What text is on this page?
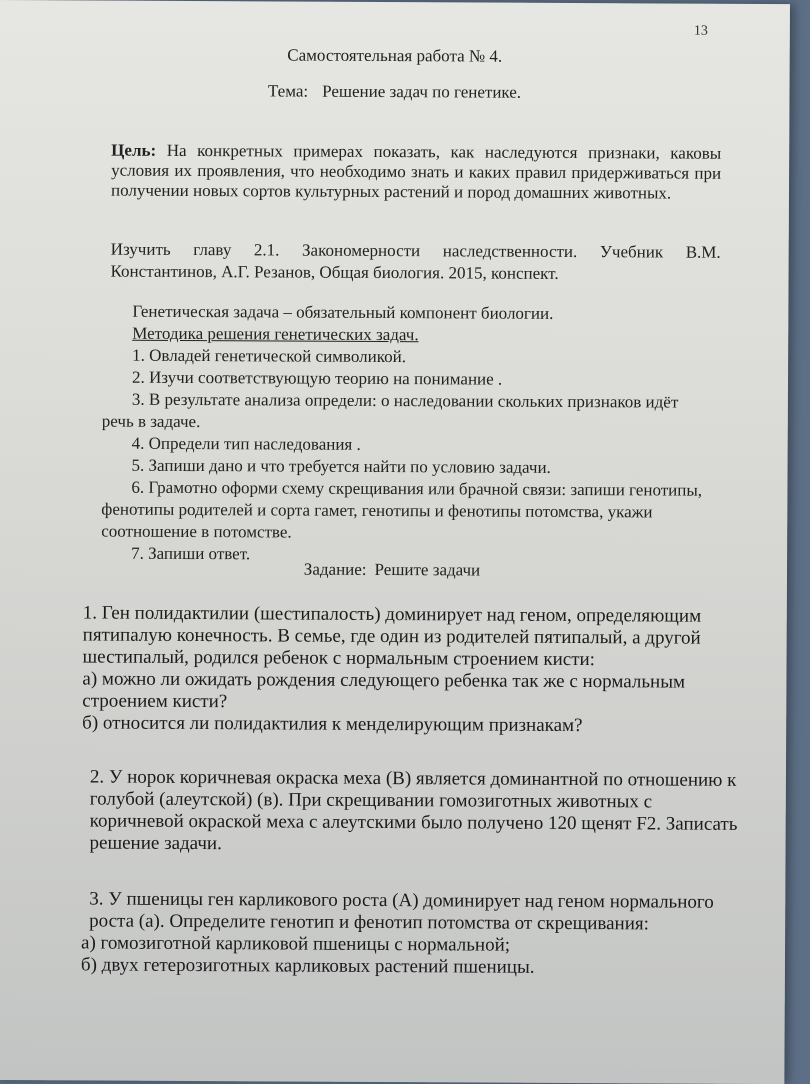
13
Самостоятельная работа № 4.
Тема: Решение задач по генетике.
Цель: На конкретных примерах показать, как наследуются признаки, каковы условия их проявления, что необходимо знать и каких правил придерживаться при получении новых сортов культурных растений и пород домашних животных.
Изучить главу 2.1. Закономерности наследственности. Учебник В.М. Константинов, А.Г. Резанов, Общая биология. 2015, конспект.
Генетическая задача – обязательный компонент биологии.
Методика решения генетических задач.
1. Овладей генетической символикой.
2. Изучи соответствующую теорию на понимание .
3. В результате анализа определи: о наследовании скольких признаков идёт речь в задаче.
4. Определи тип наследования .
5. Запиши дано и что требуется найти по условию задачи.
6. Грамотно оформи схему скрещивания или брачной связи: запиши генотипы, фенотипы родителей и сорта гамет, генотипы и фенотипы потомства, укажи соотношение в потомстве.
7. Запиши ответ.
Задание: Решите задачи

1. Ген полидактилии (шестипалость) доминирует над геном, определяющим пятипалую конечность. В семье, где один из родителей пятипалый, а другой шестипалый, родился ребенок с нормальным строением кисти:

а) можно ли ожидать рождения следующего ребенка так же с нормальным строением кисти?

б) относится ли полидактилия к менделирующим признакам?

2. У норок коричневая окраска меха (В) является доминантной по отношению к голубой (алеутской) (в). При скрещивании гомозиготных животных с коричневой окраской меха с алеутскими было получено 120 щенят F2. Записать решение задачи.

3. У пшеницы ген карликового роста (А) доминирует над геном нормального роста (а). Определите генотип и фенотип потомства от скрещивания:

а) гомозиготной карликовой пшеницы с нормальной;

б) двух гетерозиготных карликовых растений пшеницы.
